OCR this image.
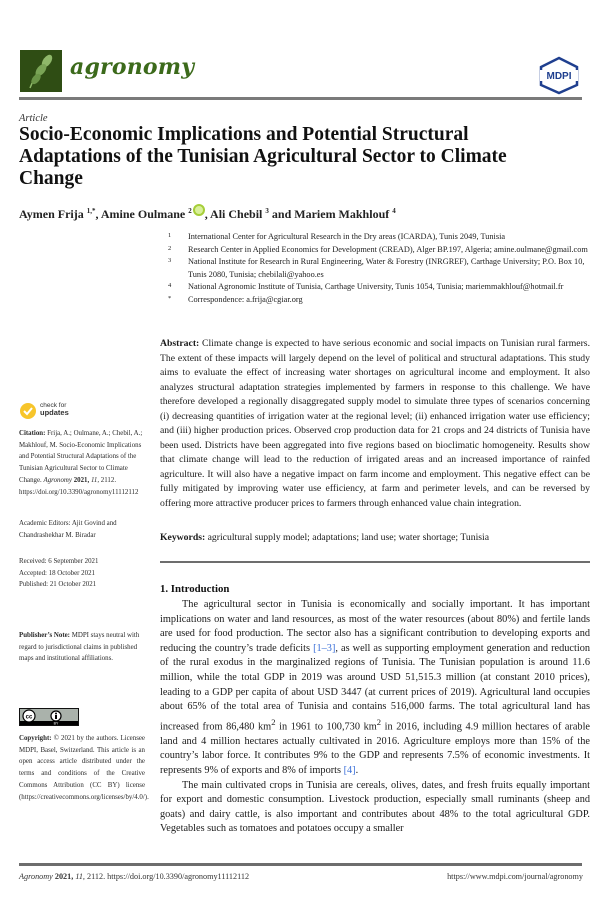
agronomy	MDPI
Article
Socio-Economic Implications and Potential Structural Adaptations of the Tunisian Agricultural Sector to Climate Change
Aymen Frija $^{1,*}$, Amine Oulmane $^2$ , Ali Chebil $^3$ and Mariem Makhlouf $^4$
1	International Center for Agricultural Research in the Dry areas (ICARDA), Tunis 2049, Tunisia
2	Research Center in Applied Economics for Development (CREAD), Alger BP.197, Algeria; amine.oulmane@gmail.com
3	National Institute for Research in Rural Engineering, Water & Forestry (INRGREF), Carthage University; P.O. Box 10, Tunis 2080, Tunisia; chebilali@yahoo.es
4	National Agronomic Institute of Tunisia, Carthage University, Tunis 1054, Tunisia; mariemmakhlouf@hotmail.fr
*	Correspondence: a.frija@cgiar.org
Abstract: Climate change is expected to have serious economic and social impacts on Tunisian rural farmers. The extent of these impacts will largely depend on the level of political and structural adaptations. This study aims to evaluate the effect of increasing water shortages on agricultural income and employment. It also analyzes structural adaptation strategies implemented by farmers in response to this challenge. We have therefore developed a regionally disaggregated supply model to simulate three types of scenarios concerning (i) decreasing quantities of irrigation water at the regional level; (ii) enhanced irrigation water use efficiency; and (iii) higher production prices. Observed crop production data for 21 crops and 24 districts of Tunisia have been used. Districts have been aggregated into five regions based on bioclimatic homogeneity. Results show that climate change will lead to the reduction of irrigated areas and an increased importance of rainfed agriculture. It will also have a negative impact on farm income and employment. This negative effect can be fully mitigated by improving water use efficiency, at farm and perimeter levels, and can be reversed by offering more attractive producer prices to farmers through enhanced value chain integration.
Keywords: agricultural supply model; adaptations; land use; water shortage; Tunisia
1. Introduction

The agricultural sector in Tunisia is economically and socially important. It has important implications on water and land resources, as most of the water resources (about 80%) and fertile lands are used for food production. The sector also has a significant contribution to developing exports and reducing the country’s trade deficits [1–3], as well as supporting employment generation and reduction of the rural exodus in the marginalized regions of Tunisia. The Tunisian population is around 11.6 million, while the total GDP in 2019 was around USD 51,515.3 million (at constant 2010 prices), leading to a GDP per capita of about USD 3447 (at current prices of 2019). Agricultural land occupies about 65% of the total area of Tunisia and contains 516,000 farms. The total agricultural land has increased from 86,480 $km^2$ in 1961 to 100,730 $km^2$ in 2016, including 4.9 million hectares of arable land and 4 million hectares actually cultivated in 2016. Agriculture employs more than 15% of the country’s labor force. It contributes 9% to the GDP and represents 7.5% of economic investments. It represents 9% of exports and 8% of imports [4].

The main cultivated crops in Tunisia are cereals, olives, dates, and fresh fruits equally important for export and domestic consumption. Livestock production, especially small ruminants (sheep and goats) and dairy cattle, is also important and contributes about 48% to the total agricultural GDP. Vegetables such as tomatoes and potatoes occupy a smaller

check for
updates
Citation: Frija, A.; Oulmane, A.; Chebil, A.; Makhlouf, M. Socio-Economic Implications and Potential Structural Adaptations of the Tunisian Agricultural Sector to Climate Change. Agronomy 2021, 11, 2112. https://doi.org/10.3390/agronomy11112112
Academic Editors: Ajit Govind and Chandrashekhar M. Biradar
Received: 6 September 2021
Accepted: 18 October 2021
Published: 21 October 2021
Publisher’s Note: MDPI stays neutral with regard to jurisdictional claims in published maps and institutional affiliations.
cc
BY
Copyright: © 2021 by the authors. Licensee MDPI, Basel, Switzerland. This article is an open access article distributed under the terms and conditions of the Creative Commons Attribution (CC BY) license (https://creativecommons.org/licenses/by/4.0/).
Agronomy 2021, 11, 2112. https://doi.org/10.3390/agronomy11112112	https://www.mdpi.com/journal/agronomy
